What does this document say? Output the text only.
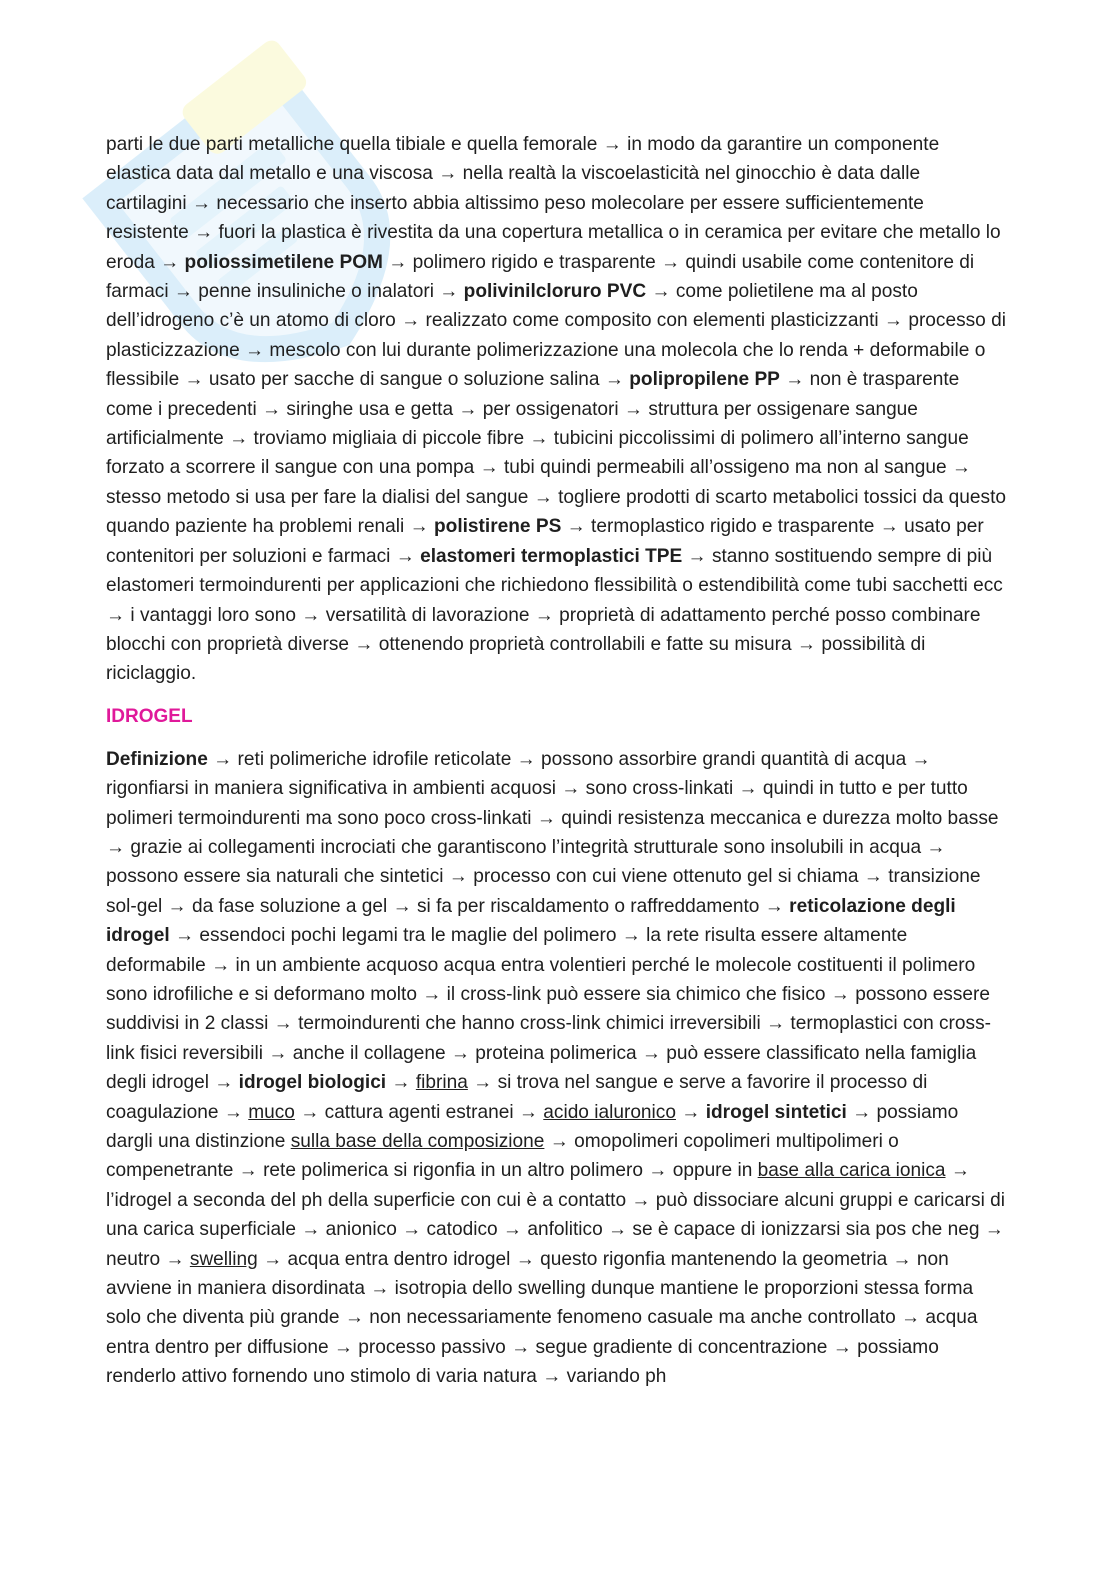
parti le due parti metalliche quella tibiale e quella femorale → in modo da garantire un componente elastica data dal metallo e una viscosa → nella realtà la viscoelasticità nel ginocchio è data dalle cartilagini → necessario che inserto abbia altissimo peso molecolare per essere sufficientemente resistente → fuori la plastica è rivestita da una copertura metallica o in ceramica per evitare che metallo lo eroda → poliossimetilene POM → polimero rigido e trasparente → quindi usabile come contenitore di farmaci → penne insuliniche o inalatori → polivinilcloruro PVC → come polietilene ma al posto dell’idrogeno c’è un atomo di cloro → realizzato come composito con elementi plasticizzanti → processo di plasticizzazione → mescolo con lui durante polimerizzazione una molecola che lo renda + deformabile o flessibile → usato per sacche di sangue o soluzione salina → polipropilene PP → non è trasparente come i precedenti → siringhe usa e getta → per ossigenatori → struttura per ossigenare sangue artificialmente → troviamo migliaia di piccole fibre → tubicini piccolissimi di polimero all’interno sangue forzato a scorrere il sangue con una pompa → tubi quindi permeabili all’ossigeno ma non al sangue → stesso metodo si usa per fare la dialisi del sangue → togliere prodotti di scarto metabolici tossici da questo quando paziente ha problemi renali → polistirene PS → termoplastico rigido e trasparente → usato per contenitori per soluzioni e farmaci → elastomeri termoplastici TPE → stanno sostituendo sempre di più elastomeri termoindurenti per applicazioni che richiedono flessibilità o estendibilità come tubi sacchetti ecc → i vantaggi loro sono → versatilità di lavorazione → proprietà di adattamento perché posso combinare blocchi con proprietà diverse → ottenendo proprietà controllabili e fatte su misura → possibilità di riciclaggio.

IDROGEL

Definizione → reti polimeriche idrofile reticolate → possono assorbire grandi quantità di acqua → rigonfiarsi in maniera significativa in ambienti acquosi → sono cross-linkati → quindi in tutto e per tutto polimeri termoindurenti ma sono poco cross-linkati → quindi resistenza meccanica e durezza molto basse → grazie ai collegamenti incrociati che garantiscono l’integrità strutturale sono insolubili in acqua → possono essere sia naturali che sintetici → processo con cui viene ottenuto gel si chiama → transizione sol-gel → da fase soluzione a gel → si fa per riscaldamento o raffreddamento → reticolazione degli idrogel → essendoci pochi legami tra le maglie del polimero → la rete risulta essere altamente deformabile → in un ambiente acquoso acqua entra volentieri perché le molecole costituenti il polimero sono idrofiliche e si deformano molto → il cross-link può essere sia chimico che fisico → possono essere suddivisi in 2 classi → termoindurenti che hanno cross-link chimici irreversibili → termoplastici con cross-link fisici reversibili → anche il collagene → proteina polimerica → può essere classificato nella famiglia degli idrogel → idrogel biologici → fibrina → si trova nel sangue e serve a favorire il processo di coagulazione → muco → cattura agenti estranei → acido ialuronico → idrogel sintetici → possiamo dargli una distinzione sulla base della composizione → omopolimeri copolimeri multipolimeri o compenetrante → rete polimerica si rigonfia in un altro polimero → oppure in base alla carica ionica → l’idrogel a seconda del ph della superficie con cui è a contatto → può dissociare alcuni gruppi e caricarsi di una carica superficiale → anionico → catodico → anfolitico → se è capace di ionizzarsi sia pos che neg → neutro → swelling → acqua entra dentro idrogel → questo rigonfia mantenendo la geometria → non avviene in maniera disordinata → isotropia dello swelling dunque mantiene le proporzioni stessa forma solo che diventa più grande → non necessariamente fenomeno casuale ma anche controllato → acqua entra dentro per diffusione → processo passivo → segue gradiente di concentrazione → possiamo renderlo attivo fornendo uno stimolo di varia natura → variando ph
